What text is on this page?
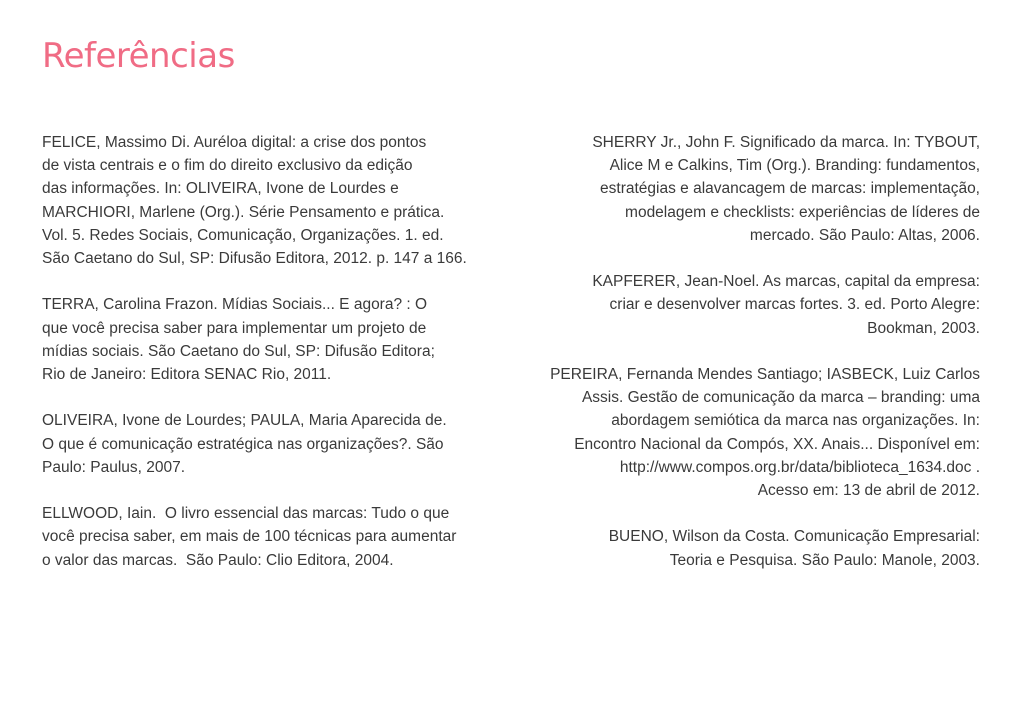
Referências

FELICE, Massimo Di. Auréloa digital: a crise dos pontos
de vista centrais e o fim do direito exclusivo da edição
das informações. In: OLIVEIRA, Ivone de Lourdes e
MARCHIORI, Marlene (Org.). Série Pensamento e prática.
Vol. 5. Redes Sociais, Comunicação, Organizações. 1. ed.
São Caetano do Sul, SP: Difusão Editora, 2012. p. 147 a 166.

TERRA, Carolina Frazon. Mídias Sociais... E agora? : O
que você precisa saber para implementar um projeto de
mídias sociais. São Caetano do Sul, SP: Difusão Editora;
Rio de Janeiro: Editora SENAC Rio, 2011.

OLIVEIRA, Ivone de Lourdes; PAULA, Maria Aparecida de.
O que é comunicação estratégica nas organizações?. São
Paulo: Paulus, 2007.

ELLWOOD, Iain.  O livro essencial das marcas: Tudo o que
você precisa saber, em mais de 100 técnicas para aumentar
o valor das marcas.  São Paulo: Clio Editora, 2004.

SHERRY Jr., John F. Significado da marca. In: TYBOUT,
Alice M e Calkins, Tim (Org.). Branding: fundamentos,
estratégias e alavancagem de marcas: implementação,
modelagem e checklists: experiências de líderes de
mercado. São Paulo: Altas, 2006.

KAPFERER, Jean-Noel. As marcas, capital da empresa:
criar e desenvolver marcas fortes. 3. ed. Porto Alegre:
Bookman, 2003.

PEREIRA, Fernanda Mendes Santiago; IASBECK, Luiz Carlos
Assis. Gestão de comunicação da marca – branding: uma
abordagem semiótica da marca nas organizações. In:
Encontro Nacional da Compós, XX. Anais... Disponível em:
http://www.compos.org.br/data/biblioteca_1634.doc .
Acesso em: 13 de abril de 2012.

BUENO, Wilson da Costa. Comunicação Empresarial:
Teoria e Pesquisa. São Paulo: Manole, 2003.
